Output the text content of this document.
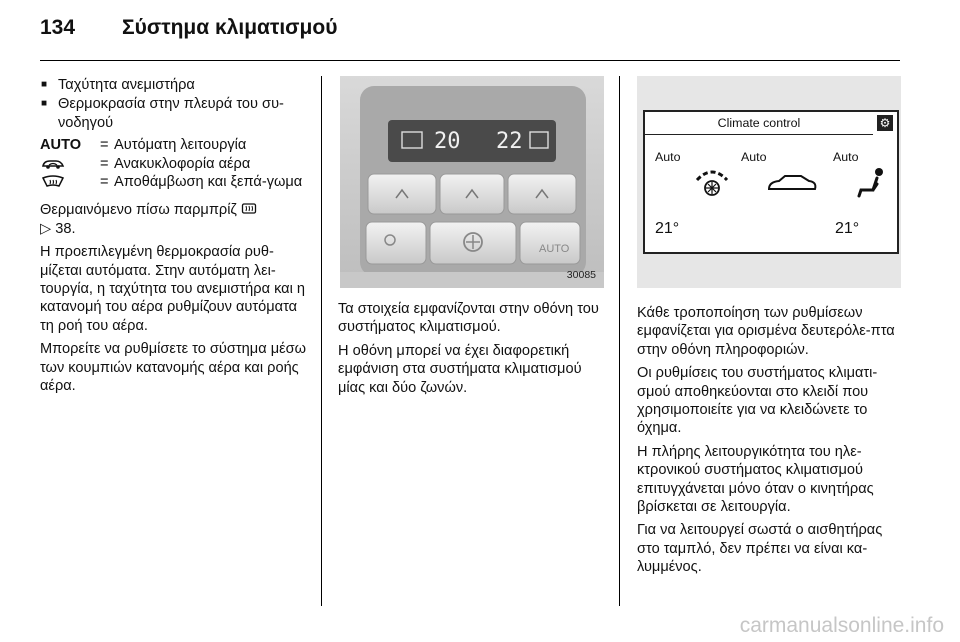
134 Σύστημα κλιματισμού
■ Ταχύτητα ανεμιστήρα
■ Θερμοκρασία στην πλευρά του συ-νοδηγού
AUTO	= Αυτόματη λειτουργία
= Ανακυκλοφορία αέρα
= Αποθάμβωση και ξεπά-γωμα

Θερμαινόμενο πίσω παρμπρίζ
▷ 38.

Η προεπιλεγμένη θερμοκρασία ρυθ-μίζεται αυτόματα. Στην αυτόματη λει-τουργία, η ταχύτητα του ανεμιστήρα και η κατανομή του αέρα ρυθμίζουν αυτόματα τη ροή του αέρα.

Μπορείτε να ρυθμίσετε το σύστημα μέσω των κουμπιών κατανομής αέρα και ροής αέρα.

20 22
AUTO
30085

Τα στοιχεία εμφανίζονται στην οθόνη του συστήματος κλιματισμού.

Η οθόνη μπορεί να έχει διαφορετική εμφάνιση στα συστήματα κλιματισμού μίας και δύο ζωνών.

Climate control	⚙
Auto	Auto	Auto
21°	21°

Κάθε τροποποίηση των ρυθμίσεων εμφανίζεται για ορισμένα δευτερόλε-πτα στην οθόνη πληροφοριών.

Οι ρυθμίσεις του συστήματος κλιματι-σμού αποθηκεύονται στο κλειδί που χρησιμοποιείτε για να κλειδώνετε το όχημα.

Η πλήρης λειτουργικότητα του ηλε-κτρονικού συστήματος κλιματισμού επιτυγχάνεται μόνο όταν ο κινητήρας βρίσκεται σε λειτουργία.

Για να λειτουργεί σωστά ο αισθητήρας στο ταμπλό, δεν πρέπει να είναι κα-λυμμένος.

carmanualsonline.info
